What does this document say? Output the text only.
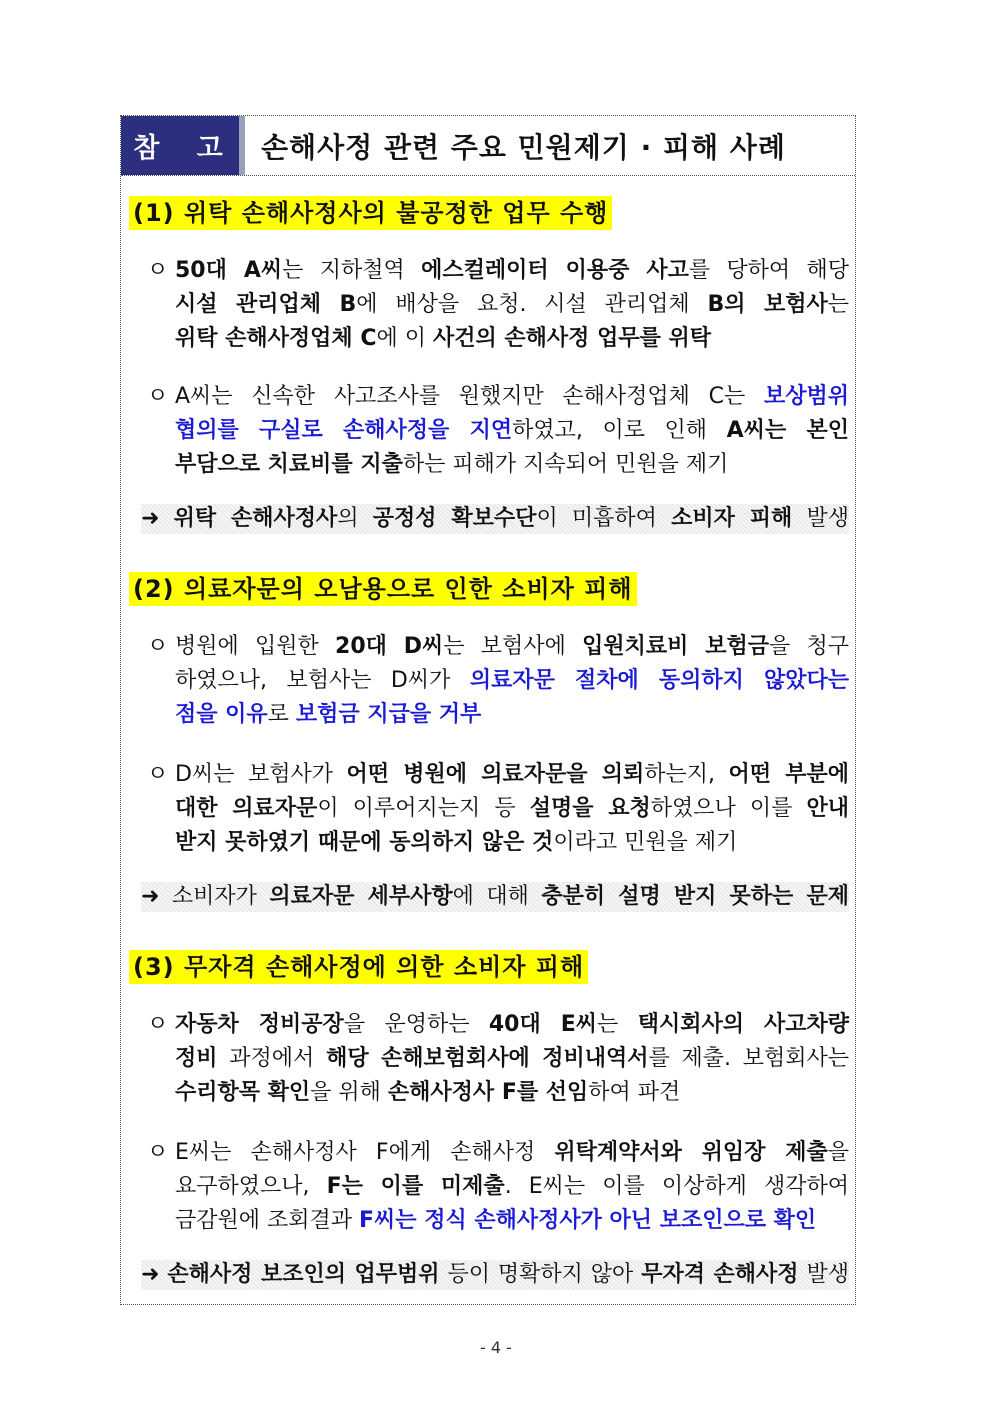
참 고 손해사정 관련 주요 민원제기 · 피해 사례
(1) 위탁 손해사정사의 불공정한 업무 수행
ㅇ 50대 A씨는 지하철역 에스컬레이터 이용중 사고를 당하여 해당
시설 관리업체 B에 배상을 요청. 시설 관리업체 B의 보험사는
위탁 손해사정업체 C에 이 사건의 손해사정 업무를 위탁
ㅇ A씨는 신속한 사고조사를 원했지만 손해사정업체 C는 보상범위
협의를 구실로 손해사정을 지연하였고, 이로 인해 A씨는 본인
부담으로 치료비를 지출하는 피해가 지속되어 민원을 제기
➜ 위탁 손해사정사의 공정성 확보수단이 미흡하여 소비자 피해 발생
(2) 의료자문의 오남용으로 인한 소비자 피해
ㅇ 병원에 입원한 20대 D씨는 보험사에 입원치료비 보험금을 청구
하였으나, 보험사는 D씨가 의료자문 절차에 동의하지 않았다는
점을 이유로 보험금 지급을 거부
ㅇ D씨는 보험사가 어떤 병원에 의료자문을 의뢰하는지, 어떤 부분에
대한 의료자문이 이루어지는지 등 설명을 요청하였으나 이를 안내
받지 못하였기 때문에 동의하지 않은 것이라고 민원을 제기
➜ 소비자가 의료자문 세부사항에 대해 충분히 설명 받지 못하는 문제
(3) 무자격 손해사정에 의한 소비자 피해
ㅇ 자동차 정비공장을 운영하는 40대 E씨는 택시회사의 사고차량
정비 과정에서 해당 손해보험회사에 정비내역서를 제출. 보험회사는
수리항목 확인을 위해 손해사정사 F를 선임하여 파견
ㅇ E씨는 손해사정사 F에게 손해사정 위탁계약서와 위임장 제출을
요구하였으나, F는 이를 미제출. E씨는 이를 이상하게 생각하여
금감원에 조회결과 F씨는 정식 손해사정사가 아닌 보조인으로 확인
➜ 손해사정 보조인의 업무범위 등이 명확하지 않아 무자격 손해사정 발생
- 4 -
